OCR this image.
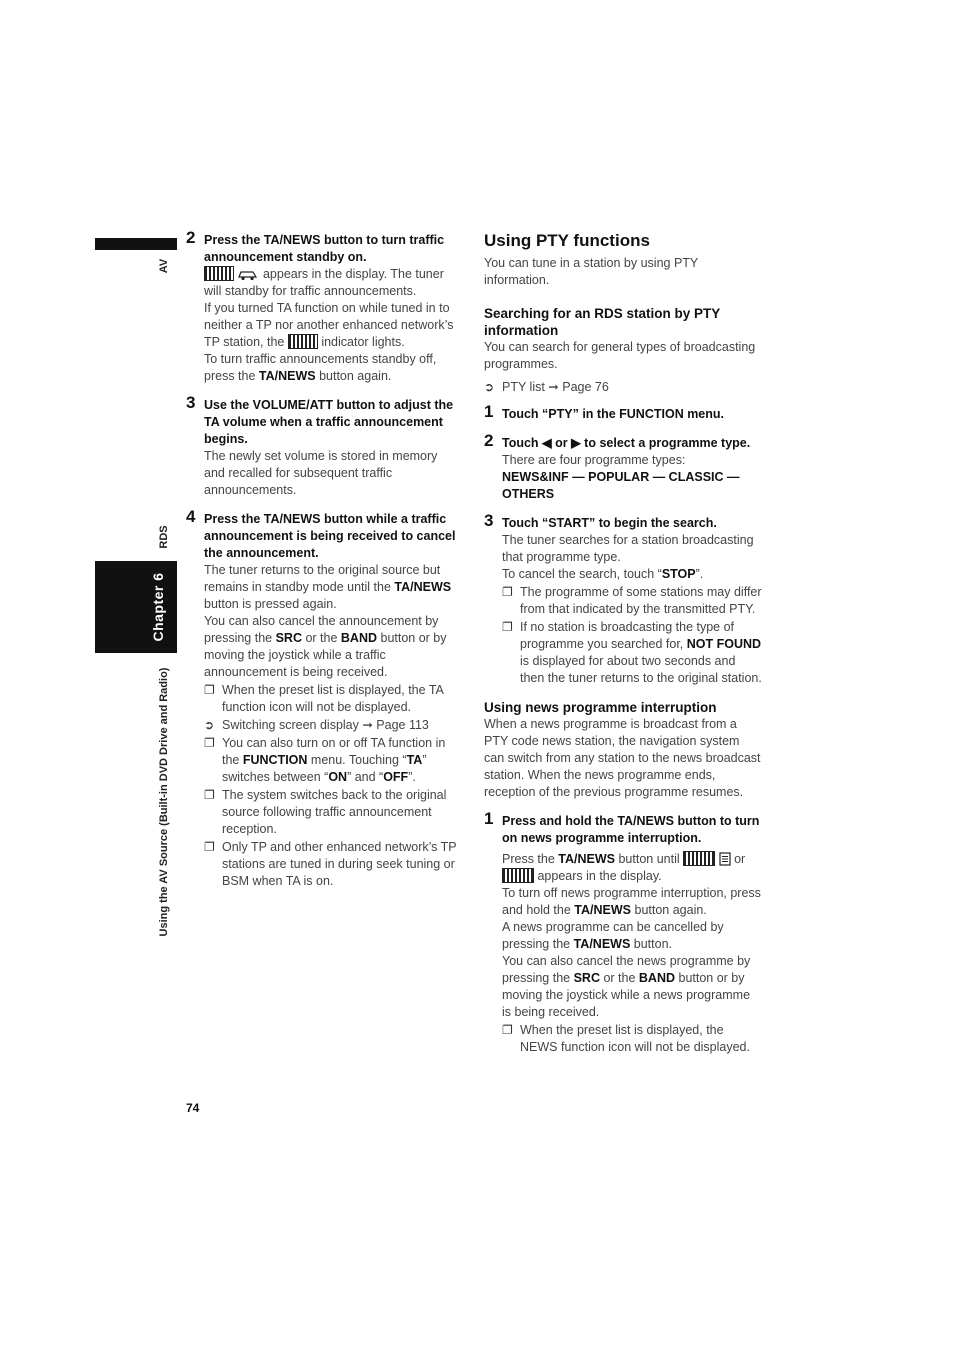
AV
RDS
Chapter 6
Using the AV Source (Built-in DVD Drive and Radio)
74
2 Press the TA/NEWS button to turn traffic announcement standby on.

appears in the display. The tuner will standby for traffic announcements.

If you turned TA function on while tuned in to neither a TP nor another enhanced network’s TP station, the  indicator lights.

To turn traffic announcements standby off, press the TA/NEWS button again.

3 Use the VOLUME/ATT button to adjust the TA volume when a traffic announcement begins.

The newly set volume is stored in memory and recalled for subsequent traffic announcements.

4 Press the TA/NEWS button while a traffic announcement is being received to cancel the announcement.

The tuner returns to the original source but remains in standby mode until the TA/NEWS button is pressed again.

You can also cancel the announcement by pressing the SRC or the BAND button or by moving the joystick while a traffic announcement is being received.

❐ When the preset list is displayed, the TA function icon will not be displayed.
➲ Switching screen display ➞ Page 113
❐ You can also turn on or off TA function in the FUNCTION menu. Touching “TA” switches between “ON” and “OFF”.
❐ The system switches back to the original source following traffic announcement reception.
❐ Only TP and other enhanced network’s TP stations are tuned in during seek tuning or BSM when TA is on.
Using PTY functions

You can tune in a station by using PTY information.

Searching for an RDS station by PTY information

You can search for general types of broadcasting programmes.

➲ PTY list ➞ Page 76
1 Touch “PTY” in the FUNCTION menu.

2 Touch ◀ or ▶ to select a programme type.

There are four programme types:

NEWS&INF — POPULAR — CLASSIC — OTHERS

3 Touch “START” to begin the search.

The tuner searches for a station broadcasting that programme type.

To cancel the search, touch “STOP”.

❐ The programme of some stations may differ from that indicated by the transmitted PTY.
❐ If no station is broadcasting the type of programme you searched for, NOT FOUND is displayed for about two seconds and then the tuner returns to the original station.
Using news programme interruption

When a news programme is broadcast from a PTY code news station, the navigation system can switch from any station to the news broadcast station. When the news programme ends, reception of the previous programme resumes.

1 Press and hold the TA/NEWS button to turn on news programme interruption.

Press the TA/NEWS button until	or  appears in the display.

To turn off news programme interruption, press and hold the TA/NEWS button again.

A news programme can be cancelled by pressing the TA/NEWS button.

You can also cancel the news programme by pressing the SRC or the BAND button or by moving the joystick while a news programme is being received.

❐ When the preset list is displayed, the NEWS function icon will not be displayed.
